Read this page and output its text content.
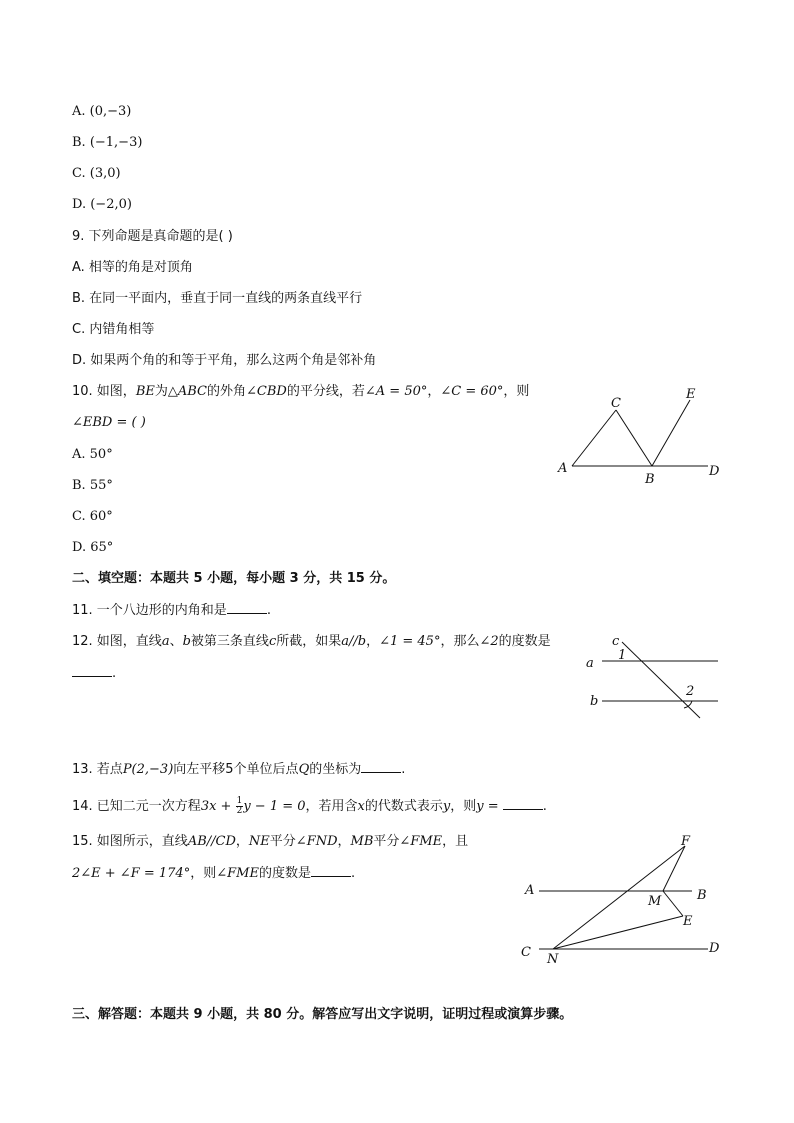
A. (0,−3)
B. (−1,−3)
C. (3,0)
D. (−2,0)
9. 下列命题是真命题的是( )
A. 相等的角是对顶角
B. 在同一平面内，垂直于同一直线的两条直线平行
C. 内错角相等
D. 如果两个角的和等于平角，那么这两个角是邻补角
10. 如图，BE为△ABC的外角∠CBD的平分线，若∠A = 50°，∠C = 60°，则
∠EBD = ( )
A. 50°
B. 55°
C. 60°
D. 65°
C
E
A
B
D
二、填空题：本题共 5 小题，每小题 3 分，共 15 分。
11. 一个八边形的内角和是	.
12. 如图，直线a、b被第三条直线c所截，如果a//b，∠1 = 45°，那么∠2的度数是
.
c
a
1
2
b
13. 若点P(2,−3)向左平移5个单位后点Q的坐标为	.
14. 已知二元一次方程$3x + \frac{1}{2}$ y − 1 = 0，若用含x的代数式表示y，则y =	.
15. 如图所示，直线AB//CD，NE平分∠FND，MB平分∠FME，且
2∠E + ∠F = 174°，则∠FME的度数是	.
F
A	B
M
E
C N
D
三、解答题：本题共 9 小题，共 80 分。解答应写出文字说明，证明过程或演算步骤。
